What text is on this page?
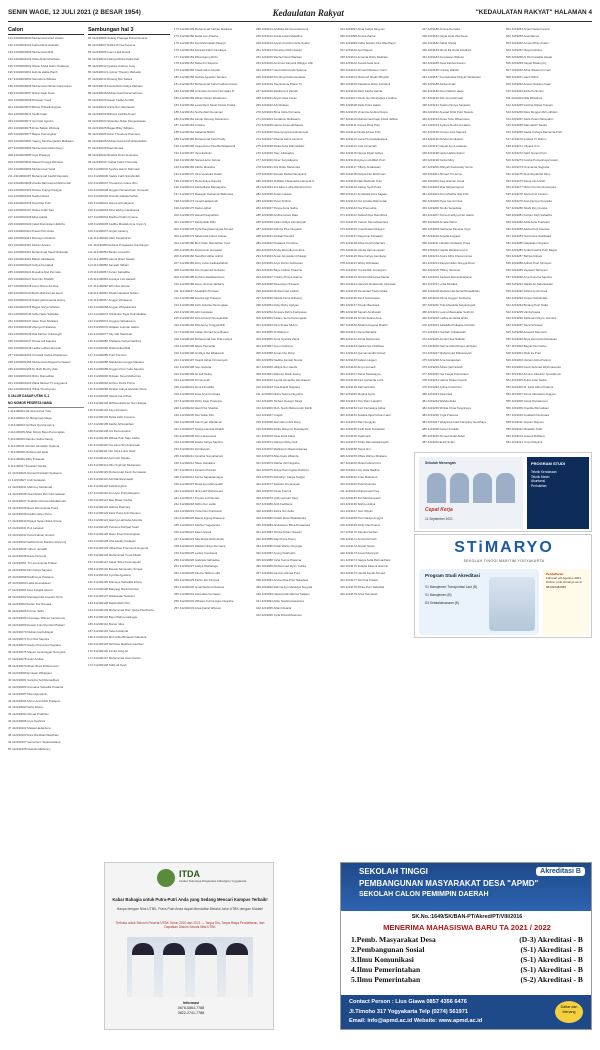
SENIN WAGE, 12 JULI 2021 (2 BESAR 1954)	Kedaulatan Rakyat	"KEDAULATAN RAKYAT" HALAMAN 4
Calon
191 24019000040 Muhammad Arief Husein
192 24019000102 Fai'ka Ribut Hasbiah
193 24019000059 Muhammad Rafi
194 24019000103 Katia Abdul Musthafa
195 24019000062 Wisnu Abdul Halim Sulaiman
196 24019000061 Edmila Halda Pajrih
197 24019000063 Samudera Wibasa
198 24019000066 Muhammad Ikhsan Darpostroe
199 24019000057 Rizkyi Fajar Dewi
200 24019000068 Dhiswan Yusuf
201 24019000070 Bintari Prihadiningtyas
202 24019000071 Taufik Fajar
203 24019000072 Qori Dwi Agustin
204 24019000078 Dinto Baktar Wicitara
205 24019000077 Bagas Pamungkas
206 24019000081 Yajeng Sambia Qadira Mulkaam
207 24019000083 Muhammad Abdul Hayyi
208 24019000085 Arya Prasetya
209 24019000092 Mawai Pranggi Windsen
210 24019000094 Muhammad Yazid
211 24019000097 Muhammad Fadhil Ramdani
212 24019000098 Amelia Rahmasna Dahma Alin
213 24019000103 Danise Pujingi Pangga
214 24019000104 Nadia Fitriani
215 24019000105 Dewi Dwi Putri
216 24019000107 Ratna Indah Sari
217 24019000108 Elisa Adella
218 24019000109 Indah Dwimintan Hidirizla
219 24019000111 Prasel Putri Aulia
220 24019000113 Mamayon Desbah
221 24019000115 Fathen Arwani
222 24019000116 Muhammad Saudi Wulandip
223 24019000119 Bahari Akadasela
224 24019000120 Cahya Nurrahati
225 24019000121 Rosalina Dwi Permata
226 24019000127 Dwii Nur Khafidh
227 24019000128 Anna Shima Ad Mira
228 24019000130 Burhi Muhammad Fauzi
229 24019000133 Nabil Qahtomanda Hanny
230 24019000135 Bagas Surya Wibowo
231 24019000136 Sofie Nadu Sabadila
232 24019000137 Islam Iham Mulkiara
233 24019000138 Zhenya Prahalesa
234 24019000139 Dila Fatima Yuliamegih
235 24019000147 Dimas Adi Saputra
236 24019000148 Ladlia Lutfisul Dimiyati
237 24019000154 Christelli Cahya Khaitanovo
238 24019000156 Muhammad Dagoa Kumisaari
239 24019000158 M. Rafy Muchy Zaki
240 24019000160 Rizky Ramadhan
241 24019000163 Zakia Meisan Tri Anggraeni
242 24019000164 Wilda Timothynum
5 JALUR DASAR UTBK S-1
NO NOMOR PESERTA NAMA
1 412190001 Dimaza Annas Tulis
2 412190002 Ari Mangunap Mega
3 412190004 Nuzfiani Qumha Ajm'a
4 412190005 Alfan Rizam Bayu Pamungkas
5 412190009 Damiko Safira Nandy
6 412190011 Dandar Hinadilah Syahma
7 412190006 Muhammad Iqbal
8 412190009 Rifky Priwanta
9 412190017 Suasiani Kamila
10 412190021 Damai Pratokahi Syahama
11 412190027 Andi Setiawan
12 412190031 Mahmoy Muhamad
13 412190035 Ilwa Fitriani Putri Nurmalasari
14 412190037 Shaliqhn Ahmad Abdullahmah
15 412190038 Reza Dwi Ananda Putra
16 412190039 Hadlli Lutfiyn Putra
17 412190040 Dipaya Setan Ziska Sinera
18 412190041 Puti Larasati
19 412190042 Fazal Fathan Guranti
20 412190043 Nabila Nurin Manhun Daryung
21 412190046 Yahum Jamalih
22 412190048 Daniel Simurat
23 412190051 Tri Lesi Ananda Pratiwi
24 412190052 Dhi Cahya Saputra
25 412190058 Dadlli Arya Priatama
26 412190060 Ladla Desrakasari
27 412190061 Desi Futqilla Hamid
28 412190062 Mantaqa Dwi Ananda Putra
29 412190063 Defan Nur Ramadi
30 412190065 Firman Seftu
31 412190066 Chentagu Wilmen Kerukurwa
32 412190069 Desain Fuiu Romrita Phaliani
33 412190070 Muhammad Hidayat
34 412190071 Dvri Dwi Saputra
35 412190073 Nadyn Pramutya Nugraha
36 412190075 Mayan Lanaringgar Numgulra
37 412190078 Andu Andisa
38 412190079 Rhamdhani Rizkia Fauzi
39 412190080 Ernawar Wibjarjani
40 412190081 Saniyha Sufi Ramadhani
41 412190083 Anmaasa Sebadila Pratama
42 412190087 Mooi Ajipuranto
43 412190091 Mmur Amnitukhi Putiapun
44 412190093 Naho Elvina
45 412190094 Ahmad Pradhlan
46 412190096 Arya Syahriza
47 412190102 Maiwa Hadiantoro
48 412190103 Dani Ria Bakti Wardhani
49 412190107 Gerrenlenc Stasiswadana
50 412190108 Clawdis Mikhenny
Sambungan hal 3
81 412190006 Selang Prapuga Putra Pamana
82 412190007 Rafica Prima Kusuma
83 412190008 Imam Hadi Rosidi
84 412190010 Fathiyal Rizka Najid Fiah
85 412190012 Ignatius Andrew Jong
86 412190013 Luyimar Thsuary Mahadat
87 412190014 Rintang Dwi Safara
88 412190016 Fanda Rizki Aditya Wahdan
89 412190018 Muhammad Faizunnahman
90 412190020 Hanar Fadlie Amrilbli
91 412190022 Fikria Nur Hamrawati
92 412190023 Bilhana Lashlia Amani
93 412190024 Shandan Akbar Pangestiawan
94 412190025 Bagas Bilsy Wibjarto
95 412190026 Darin Theodora Pramana
96 412190028 Muhammad Annif Hidayatullah
97 412190029 Diaci Elmais
98 412190032 Rhadza Dzan Kinanana
99 412190033 Yudhar Fathir Pamusila
100 412190034 Syahra Hamzi Rahmadi
101 412190036 Sadira Fatih Syirahinfah
102 412190037 Theodorus Grace Ilhin
103 412190038 Anggun Pamaruhaan Jumanan
104 412190040 Rusnah Dataila Pathai
105 412190041 Hanna Arimadyana
106 412190043 Dina Wahyu Handayani
107 412190044 Rasihud Fathir Kyama
108 412190045 Kedlha Musilab Arya Ciyan S
109 412190047 Angeli Cadiony
110 412190049 Hiazi Sayadutrah
111 412190050 Enkana Puspawani Sumbangin
112 412190053 Bavan Lamanifu
113 412190055 Hanna Ilham Nasam
114 412190056 Sanealir Silbiari
115 412190057 Ferian Sabadilia
116 412190059 Aranaya Lira Halisah
117 412190062 Wih Nosi Harnai
118 412190064 Shaidi Hardianti Nizami
119 412190067 Anggar Wicakamu
120 412190068 Anggar Widyakamiza
121 412190072 Shirillnata Togar Poimalojikat
122 412190074 Anggrep Wicakanmu
123 412190076 Aldjalan Lukman Hakim
124 412190077 Sky sifa Satarinah
125 412190082 Shahana Cahya Nasthira
126 412190084 Dolfa Aulia Rifda
127 412190085 Putri Tria Suri
128 412190088 Najiduhanu Angga Mauana
129 412190089 Anggun Putri Yuda Saputra
130 412190092 Rubaan Nova Mulherinia
131 412190094 Anthon Pedni Prima
132 412190095 Dirabel Cahya Abrahari Putra
133 412190099 Nanda Irai Arifina
134 412190100 Mifhianulrahman Nur Hidayat
135 412190101 Fayo Dewanto
136 412190104 Dicka Aidin Kusuma
137 412190105 Fakhu Ariftuyatiban
138 412190106 Aril Putra Arasha
139 412190109 Wikwa Putri Naju Gafira
140 412190110 Nur Alma Siri Ambarwati
141 412190111 Nur Adya Lubis Nasir
142 412190112 Aefi Indri Nayala
143 412190114 Dihu Syahrah Mubarwan
144 412190115 Muhammad Fauzi Kurniawan
145 412190116 Adil Mantlanmaqah
146 412190118 Zahida Aghira
147 412190119 Idu Hyon Pohuddayanto
148 412190121 Bau Miwar Gudha
149 412190122 Halima Dwimara
150 412190123 Fakir Putra Ardi Ramanu
151 412190124 Hanzya Hafizaha Adamila
152 412190125 Pertama Ruhiyah Suah
153 412190126 Danu Ihsan Pamungkas
154 412190128 Jiha Aleddy Fadayan
155 412190129 Ullha Dian Pramunuh Hugenia
156 412190130 Muhammad Yusuf Alfatih
157 412190131 Sekar Wina Kusumaputri
158 412190132 Benedi Samanahy Sirngar
159 412190134 Cynthia Agustina
160 412190135 Diamaya Sabadilia Ehany
161 412190136 Bakyang Burai Kai Diar
162 412190137 Alibaasafar Nastrien
163 412190138 Ralda Abdul Nur
164 412190139 Muhammad Rum Qalya Fluctharza
165 412190140 Bayu Wahyumalingga
166 412190141 Bonan Idies
167 412190143 Sela Amidipola
168 412190144 Muh Alfan Bimawan Maulana
169 412190145 Nicholas Matthew Gamban
170 412190146 Fenita Jang Ali
171 412190147 Muhammad Iman Kambi
172 412190148 Salhi Ali Syah
173 412190149 Muhammad Farhan Maulana
174 412190150 Nuzla Ayu Prasha
175 412190151 Fuji Rahmawati Pasetyo
176 412190152 Esnirald Fahri Candraya
177 412190153 Dibal Agung Rizki
178 412190154 Rahel Fri Saputra
179 412190155 Khatimadun Asyolih
180 412190156 Herllas Agusthni Santani
181 412190157 Muhammad Fahri Fadhurrohman
182 412190158 Jonnadus Kendra Nurmalad D.
183 412190159 Wikam Rieky Wicaksono
184 412190160 Leannifanz Sastri Kintan Putika
185 412190161 Nuzfa Zakl Dumaman
186 412190162 Fandu Diorang Dewantoro
187 412190163 Cristina
188 412190164 Sakarrak Bahtir
189 412190165 Muhammad Farid Fadly
190 412190166 Jaqueolnne Priscilla Widjanardi
191 412190167 Vera Eplinski
192 412190168 Narsa Helmi Jahnat
193 412190169 Fatihu Mustaha
194 412190170 Vina Vereluasi Hatah
195 412190171 Reza Zzaya Saputra
196 412190172 Fatihudkirta Damagutria
197 412190173 Masagat Nurhamat Waharsas
198 412190174 Jamal Haidarsyeh
199 412190175 Raden Ajhaz
200 412190176 Hanat Panghafistu
201 412190177 Fakhirullah Rifki
202 412190178 Syifa Panghasunayaa Ahmad
203 412190179 Sifatnadzk Fairuz Adinan
204 412190180 Muh Fatur Ramadhan Yusri
205 412190181 Fitamsunin Gunawan
206 412190182 Nandhini Akbar Adinin
207 412190183 Anky Lubis Fadlukahabuh
208 412190184 Fihu Kejati Adi Suhanto
209 412190185 Anrhina Aleakkanihuan
210 412190186 Henry Ahmad Jabbarly
211 412190187 Aquafitirbi Nurwani
212 412190188 Hendra Ajji Prasetyo
213 412190189 Felix Ardanta Pamungkas
214 412190190 Adit Gunawan
215 412190191 Fina Khusnil Khosyatulloh
216 412190192 Dila Ajeng Tunggulnibih
217 412190193 Sultan Ahmad Arya Buana
218 412190194 Muhammad Ade Prabu Aisya
219 412190195 Alfaro Pamarilla
220 412190196 Andhiya Iba Wijaksanti
221 412190197 Taupik Akbar Firmansyah
222 412190198 Ivan Saputra
223 412190199 Ari Adi Taufiq
224 412190200 Firmansyah
225 412190201 Alma Firnabilla
226 412190202 Duta Arya Kumbara
227 412190203 Rizky Fajar Prasetya
228 412190204 Hanif Puji Sharbia
229 412190205 Dwi Sekar Rini
230 412190206 Irfan Kyan Wardanun
231 412190207 Audiya Hamida Dhakki
232 412190208 Fikri Laksamana
233 412190209 Fidela Cahya Saphira
234 412190210 Zuhdiasyah
235 412190211 Fanatha Sonyaharrad
236 412190212 Niken Dwiulikra
237 412190213 Kinanthi Purwita
238 412190214 Fariza Saptadamagus
239 412190215 Mutia Ayu Mahmudah
240 412190216 Iftira Latif Muhammed
241 412190217 Ponsisi Lutfi Emasi
242 412190218 Ridho Nur Latifa
243 412190219 Yuda Irtim Prahmanti
244 412190220 Rasna Agung Ditasena
245 412190221 Fakhrul Yogananda
246 412190222 Elsa Listyani
247 412190223 Sifa Mulya Rahmanika
248 412190224 Waldari Hidya Permana
249 412190225 Leilani Candravia
250 412190226 Gabriela Nathadisa
251 412190227 Cahya Widhaluga
252 412190228 Fauzia Talitha Lutfa
253 412190229 Fathin Fizi Fitriyani
254 412190230 Ismail Rahma Diazana
255 412190231 Hisra Eka Gunawan
256 412190232 Wibawu Kurnia Agus Nugraha
257 412190233 Azaa Faizal Wibowo
258 4219101 Andhika Adi Kusmadununa
259 4219012 Kubla Lokari Majahhur
260 4219013 Asyah Anushiro Azila Syafril
261 4219014 Khusdiyu Rizki Aswari
262 4219015 Rachel Nurul Wardani
263 4219016 Amimuut Karyulul Walgiyo Lillir
264 4219017 Hana Rahmanda Sabona
265 4219018 Khorlinya Paleruandawa
266 4219019 Tasyamlena Dhara Tri
267 4219020 Rasika Ami Zamah
268 4219021 Aliyan Zara Arwan
269 4219022 Adi Widwan
270 4219023 Bima Indra Permana
271 4219024 Ferdabun Muliiwanin
272 4219025 Hekmi Kusumabhaana
273 4219026 Dela Ayugnita Andriansyah
274 4219027 Dhama Helmi Lamurid
275 4219028 Rizka Aulia Rahmadiani
276 4219029 Tasy Julianadra
277 4219030 Dinar Suryadiputra
278 4219031 Ifini Rizku Mahendra
279 4219032 Renata Dwitia Damayanti
280 4219033 Aldhikilu Abisanadra Hamuda S.
281 4219034 Ilmi Ekan Lutfia Wimsha Putri
282 4219035 Antani Haisah
283 4219036 Puteri Driltinn
284 4219037 Puspa Auria Safira
285 4219038 Andhia Isnani Raia
286 4219039 Fatimi Aditya Firmansyah
287 4219040 Rahma Pina Nugraha
288 4219041 Rizkiaji Prandini
289 4219042 Roalatea Christtna
290 4219043 Arsita Rismulkynorrahra
291 4219044 Aman Atmasdam Khitaqiy
292 4219045 Anyo Zulnin Febrianau
293 4219046 Bayu Ardhan Pratama
294 4219047 Cristino Prisya Sukma
295 4219048 Rina Alayu Siswanti
296 4219049 Muhammad Latifah
297 4219050 Nadda Fazra Rizkaniy
298 4219051 Roby Rizky Aprlyan
299 4219052 Anniaya Zahro Fadiyasaa
300 4219053 Kaltam Serra Pamungkas
301 4219054 Dina Sinasi Mulyiu
302 4219055 Ri Wahyuni
303 4219056 Anna Syamila Zanik
304 4219057 Fiyuni Kalinnyn
305 4219058 Annas Nur Rizqi
306 4219059 Nadiba Zamiah Novita
307 4219060 Hilqiya Nur Hanifa
308 4219061 Milia Ayi Dwiki Asang
309 4219062 Faysal Almashta Hendrawan
310 4219063 Tirta Rajidil Nugraha
311 4219064 Disha Sukma Nugraha
312 4219065 Shihani Desayn Niragi
313 4219066 Muh. Nurdi Mahammah Kahiti
314 4219067 Lingah
315 4219068 Alwi Hanu Ulza Rizqi
316 4219069 Rizka Rokyoon Rowdayahi
317 4219070 Dissi Fitria Kelipi
318 4219071 Rahayu Rizky Ardi
319 4219072 Mahkamzi Maula Arkanaa
320 4219073 Afaa Keira Wikarda
321 4219074 Rakha Yafi Nugraha
322 4219075 Alibya Pamungkas Rahitnin
323 4219076 Rahadiyn Cahya Tarigwi
324 4219077 Zalzabu Firmansyah
325 4219078 Rindo Kamrul
326 4219079 Qolbi Apriyah Tapiy
327 4219080 Ardil Fadlilanis
328 4219081 Zahra Nur Aulia
329 4219082 Fiasfin Dawi Wiskalandra
330 4219083 Abdulasem Bima Dewantara
331 4219084 Shinta Frihan Nuraeni
332 4219085 Dapi Putra Pupuj
333 4219086 Fidah Wahyu Sriyogta
334 4219087 Ayong Kidahudin
335 4219088 Yaha Kurnia Pratama
336 4219089 Muhammad Ryan Yudika
337 4219090 Fauzan Ahmad Pura
338 4219091 Ancha Afaa Putri Naradewi
339 4219092 Rahma Ayu Maulidya Sugyala
340 4219093 Hiawa Fatik Rahma Tadjami
341 4219094 Aitbe Nashiramaswinna
342 4219095 Alfian Ristarik
343 4219096 Syifa Riza Rizkasmeri
344 4219097 Afnia Catiya Ningrum
345 4219098 Annisa Zahira
346 4219099 Fabia Nuraini Irfka Wardhayni
347 4219100 Arel Mauria
348 4219101 Amanda Rizky Meilinda
349 4219102 Jamali Aulia Isna
350 4219103 Ahmad Maulana Yusuf
351 4219104 Mahmud Shalih Rifuddin
352 4219105 Dataatmu Rizky Febrianti
353 4219106 Riezi Fatiha Hanifa
354 4219107 Rindu Nur Rimbahani Lmalhra
355 4219108 Dellu Putra Hakim
356 4219109 Vinantria Andina Puspa
357 4219110 Muhammad Fajar Abdul Jabbar
358 4219111 Annisa Rizqi Putri
359 4219112 Dinda Ariana Putri
360 4219113 Gena Permadsakarasa
361 4219114 Yula Lamamah
362 4219115 Nareia Diyah Aditya
363 4219116 Ayleyen Abdillah Putri
364 4219117 Tiffany Arsalawani
365 4219118 Dwipta Fitri Muhriman
366 4219119 Nabi Rahmah Putri
367 4219120 Gilang Syah Putra
368 4219121 Annabella Azra Sajeda
369 4219122 Nur Amalia Mahmudah
370 4219123 Nur Pramudita
371 4219124 Sukbah Dwi Ramdhani
372 4219125 Yasmin Pamudiwantara
373 4219126 Linanbrasari Mulyani
374 4219127 Dagonvar Fitriadani
375 4219128 Dhita Nursih Marcara
376 4219129 Hanifa Herminnawati
377 4219130 Rina Cahya Gemilang
378 4219131 Wicky Rizkawati
379 4219132 Yuyata Elin Arinasyam
380 4219133 Shinha Mohamad Marlia
381 4219134 Haneshi Rudiansah Ulya Hati
382 4219135 Revandaa Tiparu Mulia
383 4219136 Revii Nurrianasia
384 4219137 Khaulu Bavarara
385 4219138 Saputri Amidiusah
386 4219139 Arimbi Zahira Arsa
387 4219140 Arfatina Kayana Mukhfi
388 4219141 Rima Wilnadia
389 4219142 Dinda Marhuusta
390 4219143 Nabila Nur Khalfissa
391 4219144 Qomannandhi Nurrah
392 4219145 Fabian Hugam
393 4219146 Alnyu Arunaid
394 4219147 Rainu Mustaqiyya
395 4219148 Fairi Aprilanda Luthi
396 4219149 Rahmannitha
397 4219150 Mughui Ayuni
398 4219151 Prio Ilham Hanafiri
399 4219152 Faiz Fazraskya Akbar
400 4219153 Sutalsa Iqbal Ichsan Hadi
401 4219154 Rian Sergiyan
402 4219155 Fadli Rizki Kuritawati
403 4219156 Syahmadi
404 4219157 Rizka Darmawatiningsih
405 4219158 Tasya Ilmi
406 4219159 Dhika Wahyu Riskiana
407 4219160 Mutia Febria Putri
408 4219161 Isty Aulia Malthia
409 4219162 Intan Malinavur
410 4219163 Pufa Ryannita
411 4219164 Muhammad Fiza
412 4219165 Zuli Mardotuyasih
413 4219166 Wahyu Aditya
414 4219167 Suci Wiyuni
415 4219168 Putu Nadya Anggini
416 4219169 Rizky Rachmanis
417 4219170 Saputra Farhan
418 4219171 Anisa Rohmah
419 4219172 Aisyah Nauru
420 4219173 Kowul Diansyah
421 4219174 Nadya Aulia Rahmadhani
422 4219175 Zulikha Diwinni Gavrinii
423 4219176 Hanifa Kayah Ahmad
424 4219177 Siti Puja Pratiwi
425 4219178 Rizka Putri Salsabila
426 4219179 Arisa Sanjuwati
427 4219180 Annisa Nurnaila
428 4219181 Nayla Atyla Wisi Dewi
429 4219182 Nabia Shidqi
430 4219183 Mona Ilia Ilmila Ostafiani
431 4219184 Kurniawan Widodo
432 4219185 Dewi Fabholl Hanmi
433 4219186 Lintang Wahidi
434 4219187 Kurnada Eka Diniyah Wulandari
435 4219188 Aditya Amali
436 4219189 Desi Fakhrul Haqe
437 4219190 Ifah Jena Darmasi
438 4219191 Syahrul Surya Sanjiwan
439 4219192 Ayesad Rizki Putri Swastu
440 4219193 Anisa Tuhu Wibamoaro
441 4219194 Syikura Nurika Al Hakim
442 4219195 Furqon Fani Saputra
443 4219196 Akhda Hendrawan
444 4219197 Hayah Ayu Lestiasari
445 4219198 Heda Hafiza Sipiroi
446 4219199 Faizal Miny
447 4219200 Alfiriyah Fachsidely Sernu
448 4219201 Ahmad Tri Utomo
449 4219202 Faiq Halman Arinal
450 4219203 Mita Mulyaningrum
451 4219204 Putri Misiliha Qila Putri
452 4219205 Dyas Kar Ari Nisa
453 4219206 Sirullu Setiadista
454 4219207 Putra Ar'alhiyya Nur Hakim
455 4219208 Amalia Zahra
456 4219209 Nathaniel Pandyia Yoga
457 4219210 Angelia Anggelo
458 4219211 Hardian Setiawan Putra
459 4219212 Hanifa Wicaksonovna
460 4219213 Azura Afhis Khoiorunnisa
461 4219214 Rasyid Nidus Sheyga Dewi
462 4219215 Tiffany Vanisma
463 4219216 Sadewa Ramaraharjiana
464 4219217 Lufia Khadisa
465 4219218 Muhammad Akmal Rosadikhan
466 4219219 Dinna Anggun Sushama
467 4219220 Tulis Masdulla Setyaningsih
468 4219221 Leona Mawisadar Sekhmir
469 4219222 Latifna Hendrita Ghita
470 4219223 Saladilla Pridiasha Chiniaru
471 4219224 Nurdiah Yulialawathi
472 4219225 Arimbi Nisa Nafisah
473 4219226 Nurma Atila Riziqa Luthfiyani
474 4219227 Muhammad Ridwanayah
475 4219228 Arsa Hanasidani
476 4219229 Adisa Qarri'aduah
477 4219230 Nur Faujia Pramintanti
478 4219231 Hafina Dwilan Fiyanti
479 4219232 Aylina Cinda Dini
480 4219233 Kasmilwa
481 4219234 Wahda Abita
482 4219235 Mirilda Chua Tangrinaya
483 4219236 Yoga Pratama
484 4219237 Wijayarsa Fatih Haniyasy Hendhayu
485 4219238 Fairuzi Kaukila
486 4219239 Ahmad Afnab Akbar
487 4219240 Eradi Sofan
501 4219254 Anjani Nesia Fareza
502 4219255 Anandanina
503 4219256 Annas Rizky Ardani
504 4219257 Maya Faziana
505 4219258 Al Fitri Faradila Hayati
506 4219259 Nayari Riwang Kj
507 4219260 Aftral Wisana Furnari
508 4219261 Hanif Wiloh
509 4219262 Anwari Solsanu Fajar
510 4219263 Erlda Purtinrani
511 4219264 Dilla Widodora
512 4219265 Fatchar Dikwa Tsavani
513 4219266 Dara Singgar AM Lutfiriani
514 4219267 Darik Puteri Dalmuahin
515 4219268 Rak Hafizh Sanita
516 4219269 Nadia Cahaya Ramanda Putri
517 4219270 Indriani Tri Rahmi
518 4219271 Ufiyatul Izza
519 4219272 Nafiz Nurani Putri
520 4219273 Feisha Purnanhaya Isnaini
521 4219274 Fimmianta Nugraha
522 4219275 Alna Wuylaniwi Dimy
523 4219276 Rania Inti Azizah
524 4219277 Mimel Kurnia Nurputryani
525 4219278 Silvia Amri Fazarni
526 4219279 Asto Fiersya Suryadia
527 4219280 Shahi Diny Aurelia
528 4219281 Farhan Diqh Sahakha
529 4219282 Adila Aulia Pratiwani
530 4219283 Adelia Putri Fauziaa
531 4219284 Nurinnissa Sirdillatasi
532 4219285 Haipakatu Nugraha
533 4219286 Aydia Kuadita Putri Bagas
534 4219287 Bahiya Fitriani
535 4219288 Asihah Putri Sinrayan
536 4219289 Vayasari Tanisyani
537 4219290 Arya Kusuma Saputra
538 4219291 Nabila Ari Sahvasadan
539 4219292 Fahira Ayudi Arani
540 4219293 Puspa Nurbandilla
541 4219294 Bintang Putri Nafia
542 4219295 Ukrizahyawa
543 4219296 Salhimari Rayno Hombini
544 4219297 Reza Sinnaisa
545 4219298 Asmatul Daurotud
546 4219299 Ahya Hernanda Ratnasari
547 4219300 Bagus Dwi Cahyo
548 4219301 Riski Ira Putri
549 4219302 Hisrian Adiza Paulum
550 4219303 Fauzi Akhmad Wijtrimasusita
551 4219304 Arzuna Julaubim Qomtahurin
552 4219305 Ayfira Intan Nadia
553 4219306 M. Farid Akbu Pratama
554 4219307 Dinna Athanazia Anjayuli
555 4219308 Gloria Pandamsuri
556 4219309 Onetilla Wirnadisan
557 4219310 Fuddasih Dunhuara
558 4219311 Sopran Mulyoro
559 4219312 Muarliah Xulla
560 4219313 Jessica Bolfiana
561 4219314 Yenyi Mulyanti
ITDA
Institut Teknologi Dirgantara Adisutjipto Yogyakarta
Kabar Bahagia untuk Putra-Putri Anda yang Sedang Mencari Kampus Terbaik!
Hanya dengan Nilai UTBK, Putra-Putri Anda dapat Mendaftar Melalui Jalur UTBK dengan Mudah!
Terbuka untuk Seluruh Peserta UTBK Tahun 2020 dan 2021 — Tanpa Tes, Tanpa Biaya Pendaftaran, dan Dapatkan Diskon Sesuai Nilai UTBK
Informasi
0878-5564-7788
0822-2741-7788
Sekolah Menengah
Cepat Kerja
11 September 2021
PROGRAM STUDI
Teknik Kendaraan
Teknik Mesin
Akuntansi
Perhotelan
STiMARYO
SEKOLAH TINGGI MARITIM YOGYAKARTA
Program Studi Akreditasi
S1 Manajemen Transportasi Laut (B)
S1 Manajemen (B)
D3 Ketatalaksanaan (B)
Pendaftaran
Februari s/d Agustus 2021 Online: pmb.stimaryo.ac.id 081326482086
SEKOLAH TINGGI	Akreditasi B
PEMBANGUNAN MASYARAKAT DESA "APMD"
SEKOLAH CALON PEMIMPIN DAERAH
SK.No.:1649/SK/BAN-PT/Akred/PT/VIII/2016
MENERIMA MAHASISWA BARU TA 2021 / 2022
1.Pemb. Masyarakat Desa	(D-3) Akreditasi - B
2.Pembangunan Sosial	(S-1) Akreditasi - B
3.Ilmu Komunikasi	(S-1) Akreditasi - B
4.Ilmu Pemerintahan	(S-1) Akreditasi - B
5.Ilmu Pemerintahan	(S-2) Akreditasi - B
Contact Person : Lius Giawa 0857 4356 6476
Jl.Timoho 317 Yogyakarta Telp (0274) 561971
Email: info@apmd.ac.id Website: www.apmd.ac.id
Daftar dan Menang
